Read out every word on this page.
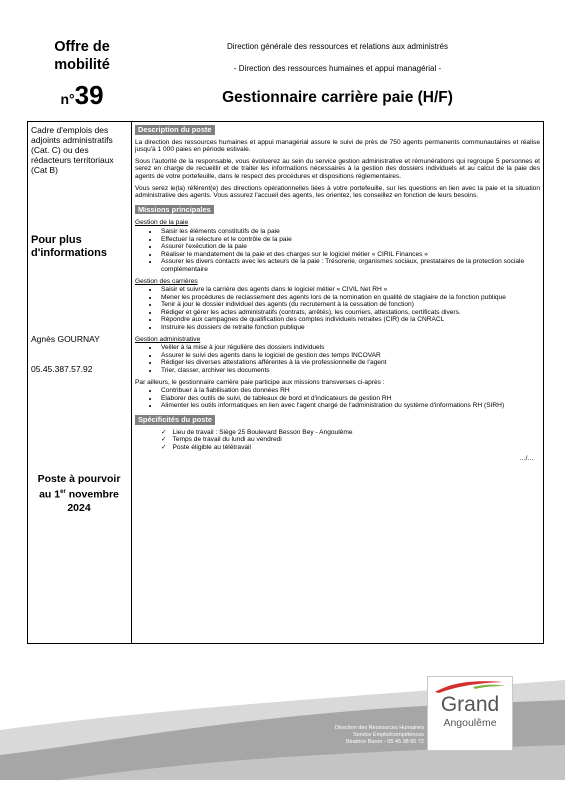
Offre de mobilité
n°39
Direction générale des ressources et relations aux administrés
- Direction des ressources humaines et appui managérial -
Gestionnaire carrière paie (H/F)
Cadre d'emplois des adjoints administratifs (Cat. C) ou des rédacteurs territoriaux (Cat B)
Pour plus d'informations
Agnès GOURNAY
05.45.387.57.92
Poste à pourvoir au 1er novembre 2024
Description du poste

La direction des ressources humaines et appui managérial assure le suivi de près de 750 agents permanents communautaires et réalise jusqu'à 1 000 paies en période estivale.

Sous l'autorité de la responsable, vous évoluerez au sein du service gestion administrative et rémunérations qui regroupe 5 personnes et serez en charge de recueillir et de traiter les informations nécessaires à la gestion des dossiers individuels et au calcul de la paie des agents de votre portefeuille, dans le respect des procédures et dispositions réglementaires.

Vous serez le(la) référent(e) des directions opérationnelles liées à votre portefeuille, sur les questions en lien avec la paie et la situation administrative des agents. Vous assurez l'accueil des agents, les orientez, les conseillez en fonction de leurs besoins.

Missions principales
Gestion de la paie
• Saisir les éléments constitutifs de la paie
• Effectuer la relecture et le contrôle de la paie
• Assurer l'exécution de la paie
• Réaliser le mandatement de la paie et des charges sur le logiciel métier « CIRIL Finances »
• Assurer les divers contacts avec les acteurs de la paie : Trésorerie, organismes sociaux, prestataires de la protection sociale complémentaire
Gestion des carrières
• Saisir et suivre la carrière des agents dans le logiciel métier « CIVIL Net RH »
• Mener les procédures de reclassement des agents lors de la nomination en qualité de stagiaire de la fonction publique
• Tenir à jour le dossier individuel des agents (du recrutement à la cessation de fonction)
• Rédiger et gérer les actes administratifs (contrats, arrêtés), les courriers, attestations, certificats divers.
• Répondre aux campagnes de qualification des comptes individuels retraites (CIR) de la CNRACL
• Instruire les dossiers de retraite fonction publique
Gestion administrative
• Veiller à la mise à jour régulière des dossiers individuels
• Assurer le suivi des agents dans le logiciel de gestion des temps INCOVAR
• Rédiger les diverses attestations afférentes à la vie professionnelle de l'agent
• Trier, classer, archiver les documents

Par ailleurs, le gestionnaire carrière paie participe aux missions transverses ci-après :

• Contribuer à la fiabilisation des données RH
• Elaborer des outils de suivi, de tableaux de bord et d'indicateurs de gestion RH
• Alimenter les outils informatiques en lien avec l'agent chargé de l'administration du système d'informations RH (SIRH)
Spécificités du poste
✓ Lieu de travail : Siège 25 Boulevard Besson Bey - Angoulême
✓ Temps de travail du lundi au vendredi
✓ Poste éligible au télétravail
…/…
Direction des Ressources Humaines
Service Emploi/compétences
Béatrice Baron - 05 45 38 60 72
Grand
Angoulême
